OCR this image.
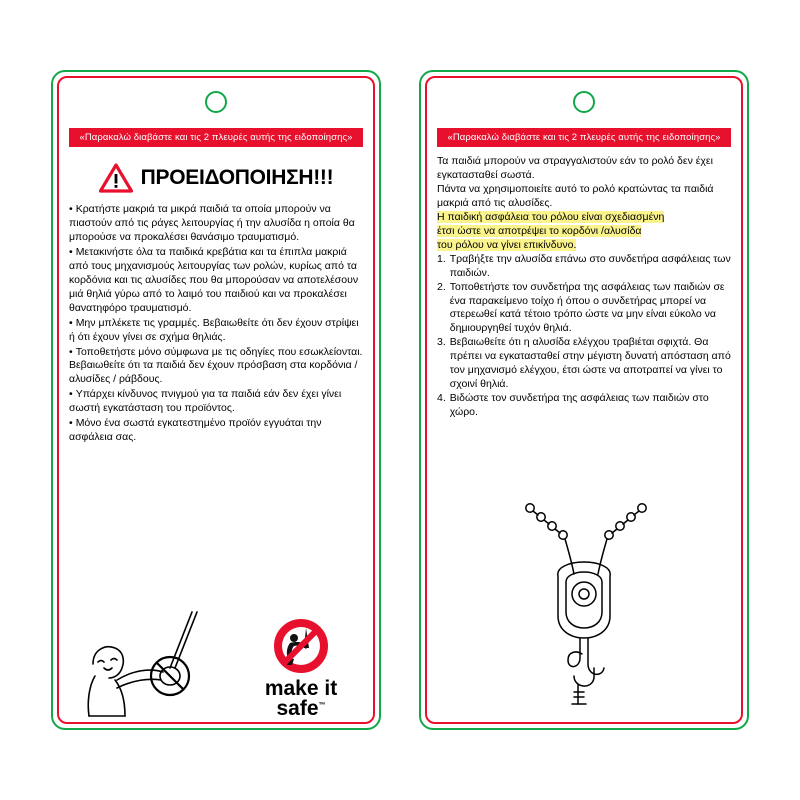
«Παρακαλώ διαβάστε και τις 2 πλευρές αυτής της ειδοποίησης»
ΠΡΟΕΙΔΟΠΟΙΗΣΗ!!!

• Κρατήστε μακριά τα μικρά παιδιά τα οποία μπορούν να πιαστούν από τις ράγες λειτουργίας ή την αλυσίδα η οποία θα μπορούσε να προκαλέσει θανάσιμο τραυματισμό.

• Μετακινήστε όλα τα παιδικά κρεβάτια και τα έπιπλα μακριά από τους μηχανισμούς λειτουργίας των ρολών, κυρίως από τα κορδόνια και τις αλυσίδες που θα μπορούσαν να αποτελέσουν μιά θηλιά γύρω από το λαιμό του παιδιού και να προκαλέσει θανατηφόρο τραυματισμό.

• Μην μπλέκετε τις γραμμές. Βεβαιωθείτε ότι δεν έχουν στρίψει ή ότι έχουν γίνει σε σχήμα θηλιάς.

• Τοποθετήστε μόνο σύμφωνα με τις οδηγίες που εσωκλείονται. Βεβαιωθείτε ότι τα παιδιά δεν έχουν πρόσβαση στα κορδόνια / αλυσίδες / ράβδους.

• Υπάρχει κίνδυνος πνιγμού για τα παιδιά εάν δεν έχει γίνει σωστή εγκατάσταση του προϊόντος.

• Μόνο ένα σωστά εγκατεστημένο προϊόν εγγυάται την ασφάλεια σας.

make it
safe™
«Παρακαλώ διαβάστε και τις 2 πλευρές αυτής της ειδοποίησης»

Τα παιδιά μπορούν να στραγγαλιστούν εάν το ρολό δεν έχει εγκατασταθεί σωστά.

Πάντα να χρησιμοποιείτε αυτό το ρολό κρατώντας τα παιδιά μακριά από τις αλυσίδες.

Η παιδική ασφάλεια του ρόλου είναι σχεδιασμένη

έτσι ώστε να αποτρέψει το κορδόνι /αλυσίδα

του ρόλου να γίνει επικίνδυνο.

1. Τραβήξτε την αλυσίδα επάνω στο συνδετήρα ασφάλειας των παιδιών.
2. Τοποθετήστε τον συνδετήρα της ασφάλειας των παιδιών σε ένα παρακείμενο τοίχο ή όπου ο συνδετήρας μπορεί να στερεωθεί κατά τέτοιο τρόπο ώστε να μην είναι εύκολο να δημιουργηθεί τυχόν θηλιά.
3. Βεβαιωθείτε ότι η αλυσίδα ελέγχου τραβιέται σφιχτά. Θα πρέπει να εγκατασταθεί στην μέγιστη δυνατή απόσταση από τον μηχανισμό ελέγχου, έτσι ώστε να αποτραπεί να γίνει το σχοινί θηλιά.
4. Βιδώστε τον συνδετήρα της ασφάλειας των παιδιών στο χώρο.
